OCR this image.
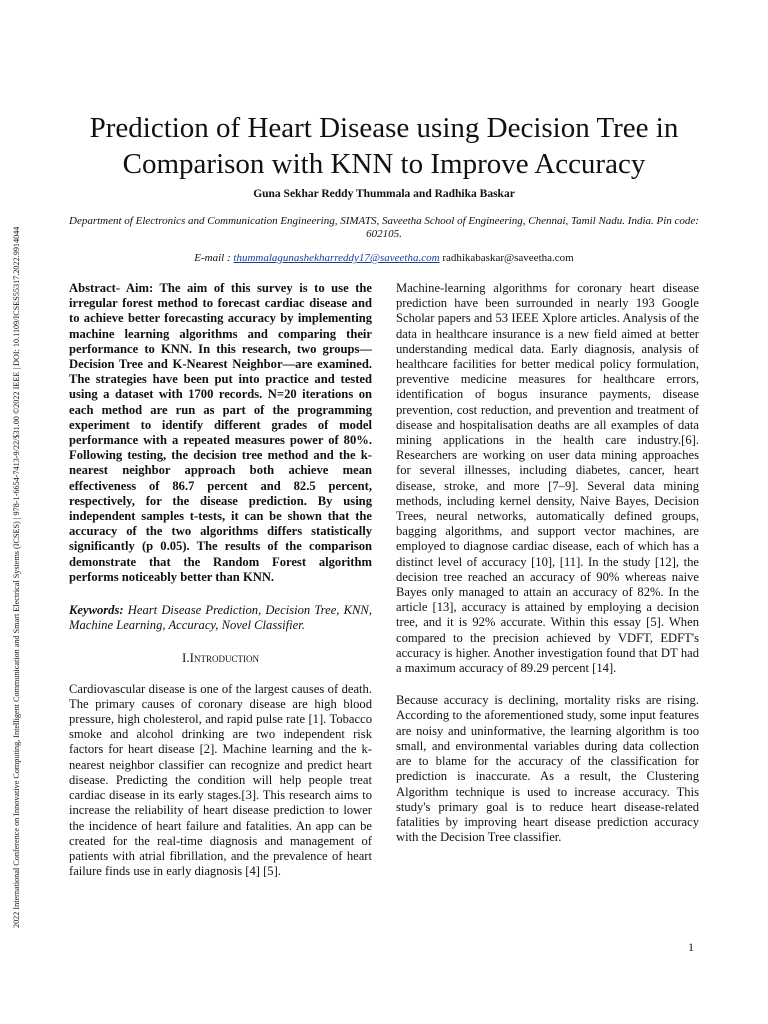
2022 International Conference on Innovative Computing, Intelligent Communication and Smart Electrical Systems (ICSES) | 978-1-6654-7413-9/22/$31.00 ©2022 IEEE | DOI: 10.1109/ICSES55317.2022.9914044
Prediction of Heart Disease using Decision Tree in Comparison with KNN to Improve Accuracy
Guna Sekhar Reddy Thummala and Radhika Baskar
Department of Electronics and Communication Engineering, SIMATS, Saveetha School of Engineering, Chennai, Tamil Nadu. India. Pin code: 602105.
E-mail : thummalagunashekharreddy17@saveetha.com radhikabaskar@saveetha.com

Abstract- Aim: The aim of this survey is to use the irregular forest method to forecast cardiac disease and to achieve better forecasting accuracy by implementing machine learning algorithms and comparing their performance to KNN. In this research, two groups—Decision Tree and K-Nearest Neighbor—are examined. The strategies have been put into practice and tested using a dataset with 1700 records. N=20 iterations on each method are run as part of the programming experiment to identify different grades of model performance with a repeated measures power of 80%. Following testing, the decision tree method and the k-nearest neighbor approach both achieve mean effectiveness of 86.7 percent and 82.5 percent, respectively, for the disease prediction. By using independent samples t-tests, it can be shown that the accuracy of the two algorithms differs statistically significantly (p 0.05). The results of the comparison demonstrate that the Random Forest algorithm performs noticeably better than KNN.

Keywords: Heart Disease Prediction, Decision Tree, KNN, Machine Learning, Accuracy, Novel Classifier.

I.Introduction

Cardiovascular disease is one of the largest causes of death. The primary causes of coronary disease are high blood pressure, high cholesterol, and rapid pulse rate [1]. Tobacco smoke and alcohol drinking are two independent risk factors for heart disease [2]. Machine learning and the k-nearest neighbor classifier can recognize and predict heart disease. Predicting the condition will help people treat cardiac disease in its early stages.[3]. This research aims to increase the reliability of heart disease prediction to lower the incidence of heart failure and fatalities. An app can be created for the real-time diagnosis and management of patients with atrial fibrillation, and the prevalence of heart failure finds use in early diagnosis [4] [5].

Machine-learning algorithms for coronary heart disease prediction have been surrounded in nearly 193 Google Scholar papers and 53 IEEE Xplore articles. Analysis of the data in healthcare insurance is a new field aimed at better understanding medical data. Early diagnosis, analysis of healthcare facilities for better medical policy formulation, preventive medicine measures for healthcare errors, identification of bogus insurance payments, disease prevention, cost reduction, and prevention and treatment of disease and hospitalisation deaths are all examples of data mining applications in the health care industry.[6]. Researchers are working on user data mining approaches for several illnesses, including diabetes, cancer, heart disease, stroke, and more [7–9]. Several data mining methods, including kernel density, Naive Bayes, Decision Trees, neural networks, automatically defined groups, bagging algorithms, and support vector machines, are employed to diagnose cardiac disease, each of which has a distinct level of accuracy [10], [11]. In the study [12], the decision tree reached an accuracy of 90% whereas naive Bayes only managed to attain an accuracy of 82%. In the article [13], accuracy is attained by employing a decision tree, and it is 92% accurate. Within this essay [5]. When compared to the precision achieved by VDFT, EDFT's accuracy is higher. Another investigation found that DT had a maximum accuracy of 89.29 percent [14].

Because accuracy is declining, mortality risks are rising. According to the aforementioned study, some input features are noisy and uninformative, the learning algorithm is too small, and environmental variables during data collection are to blame for the accuracy of the classification for prediction is inaccurate. As a result, the Clustering Algorithm technique is used to increase accuracy. This study's primary goal is to reduce heart disease-related fatalities by improving heart disease prediction accuracy with the Decision Tree classifier.

1
